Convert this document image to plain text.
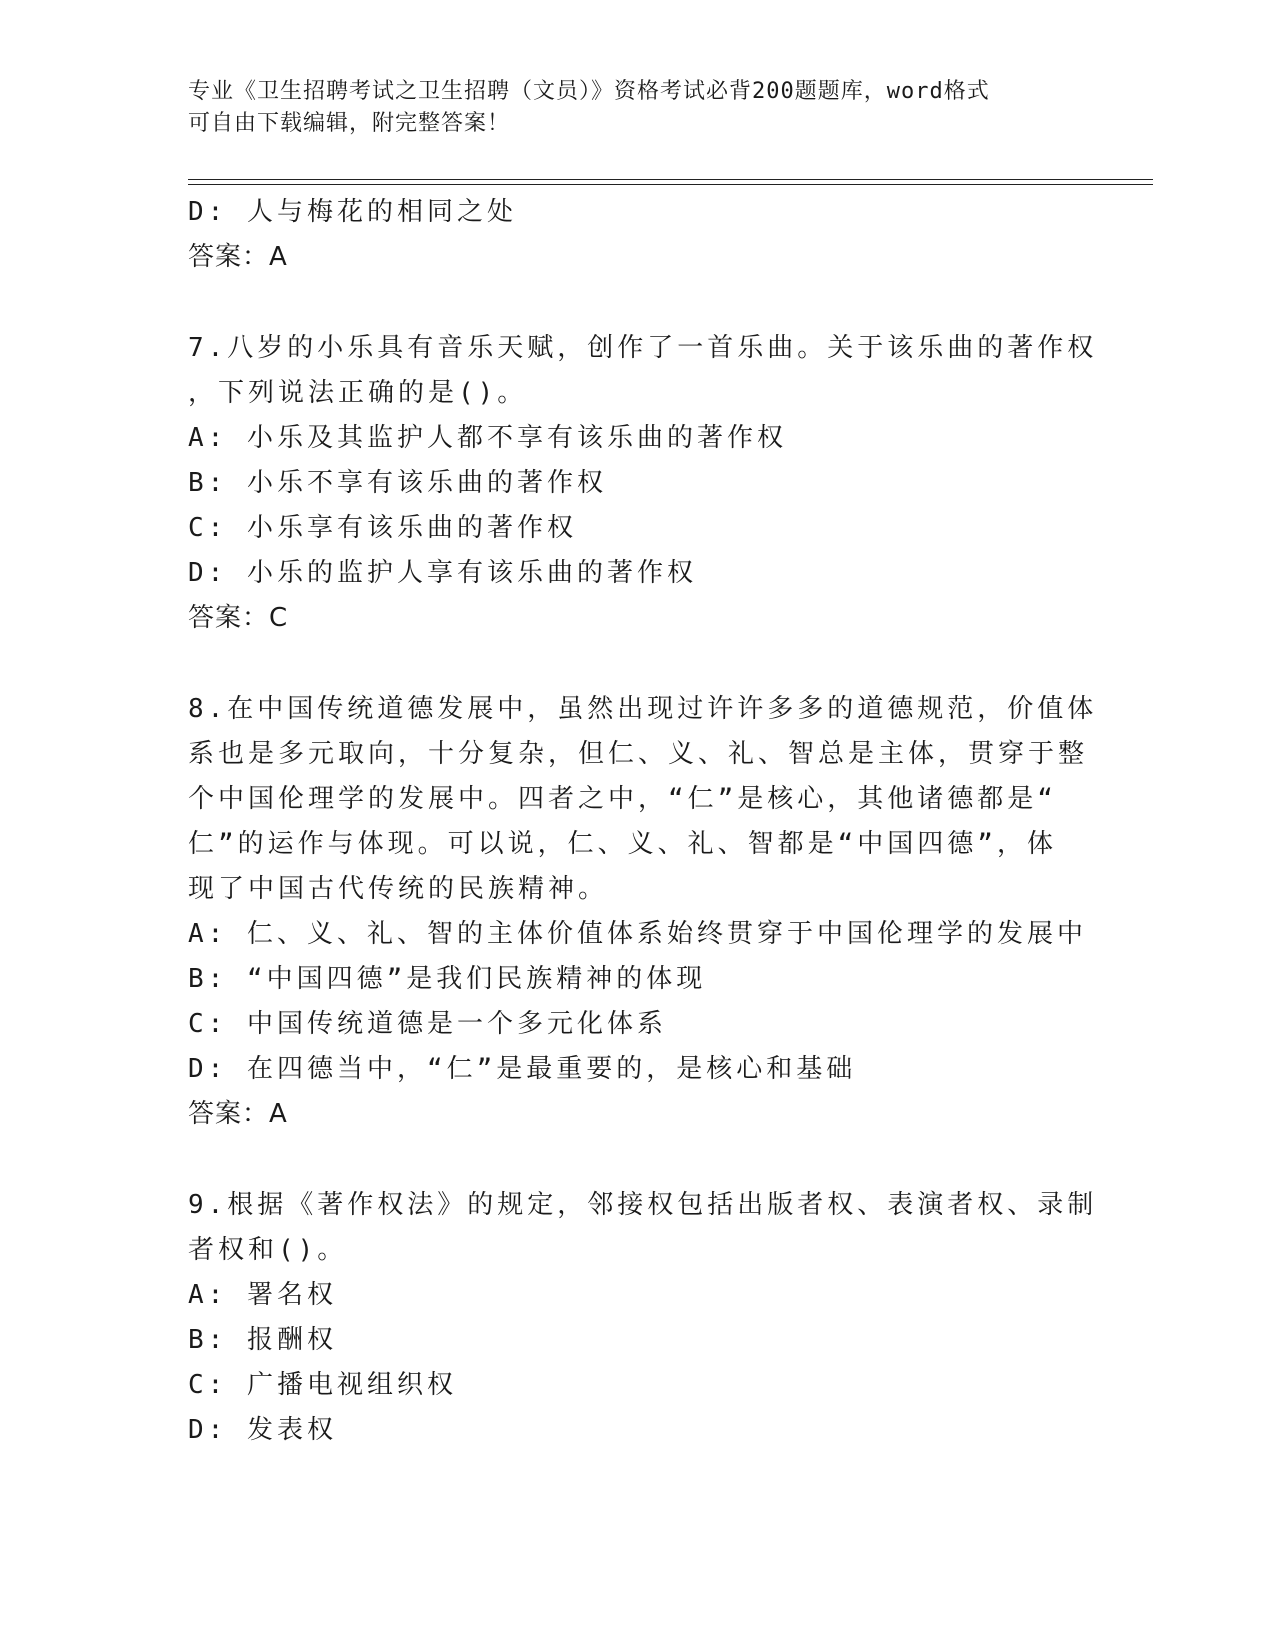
专业《卫生招聘考试之卫生招聘（文员）》资格考试必背200题题库，word格式
可自由下载编辑，附完整答案！
D: 人与梅花的相同之处
答案：A
7.八岁的小乐具有音乐天赋，创作了一首乐曲。关于该乐曲的著作权
，下列说法正确的是()。
A: 小乐及其监护人都不享有该乐曲的著作权
B: 小乐不享有该乐曲的著作权
C: 小乐享有该乐曲的著作权
D: 小乐的监护人享有该乐曲的著作权
答案：C
8.在中国传统道德发展中，虽然出现过许许多多的道德规范，价值体
系也是多元取向，十分复杂，但仁、义、礼、智总是主体，贯穿于整
个中国伦理学的发展中。四者之中，“仁”是核心，其他诸德都是“
仁”的运作与体现。可以说，仁、义、礼、智都是“中国四德”，体
现了中国古代传统的民族精神。
A: 仁、义、礼、智的主体价值体系始终贯穿于中国伦理学的发展中
B: “中国四德”是我们民族精神的体现
C: 中国传统道德是一个多元化体系
D: 在四德当中，“仁”是最重要的，是核心和基础
答案：A
9.根据《著作权法》的规定，邻接权包括出版者权、表演者权、录制
者权和()。
A: 署名权
B: 报酬权
C: 广播电视组织权
D: 发表权
